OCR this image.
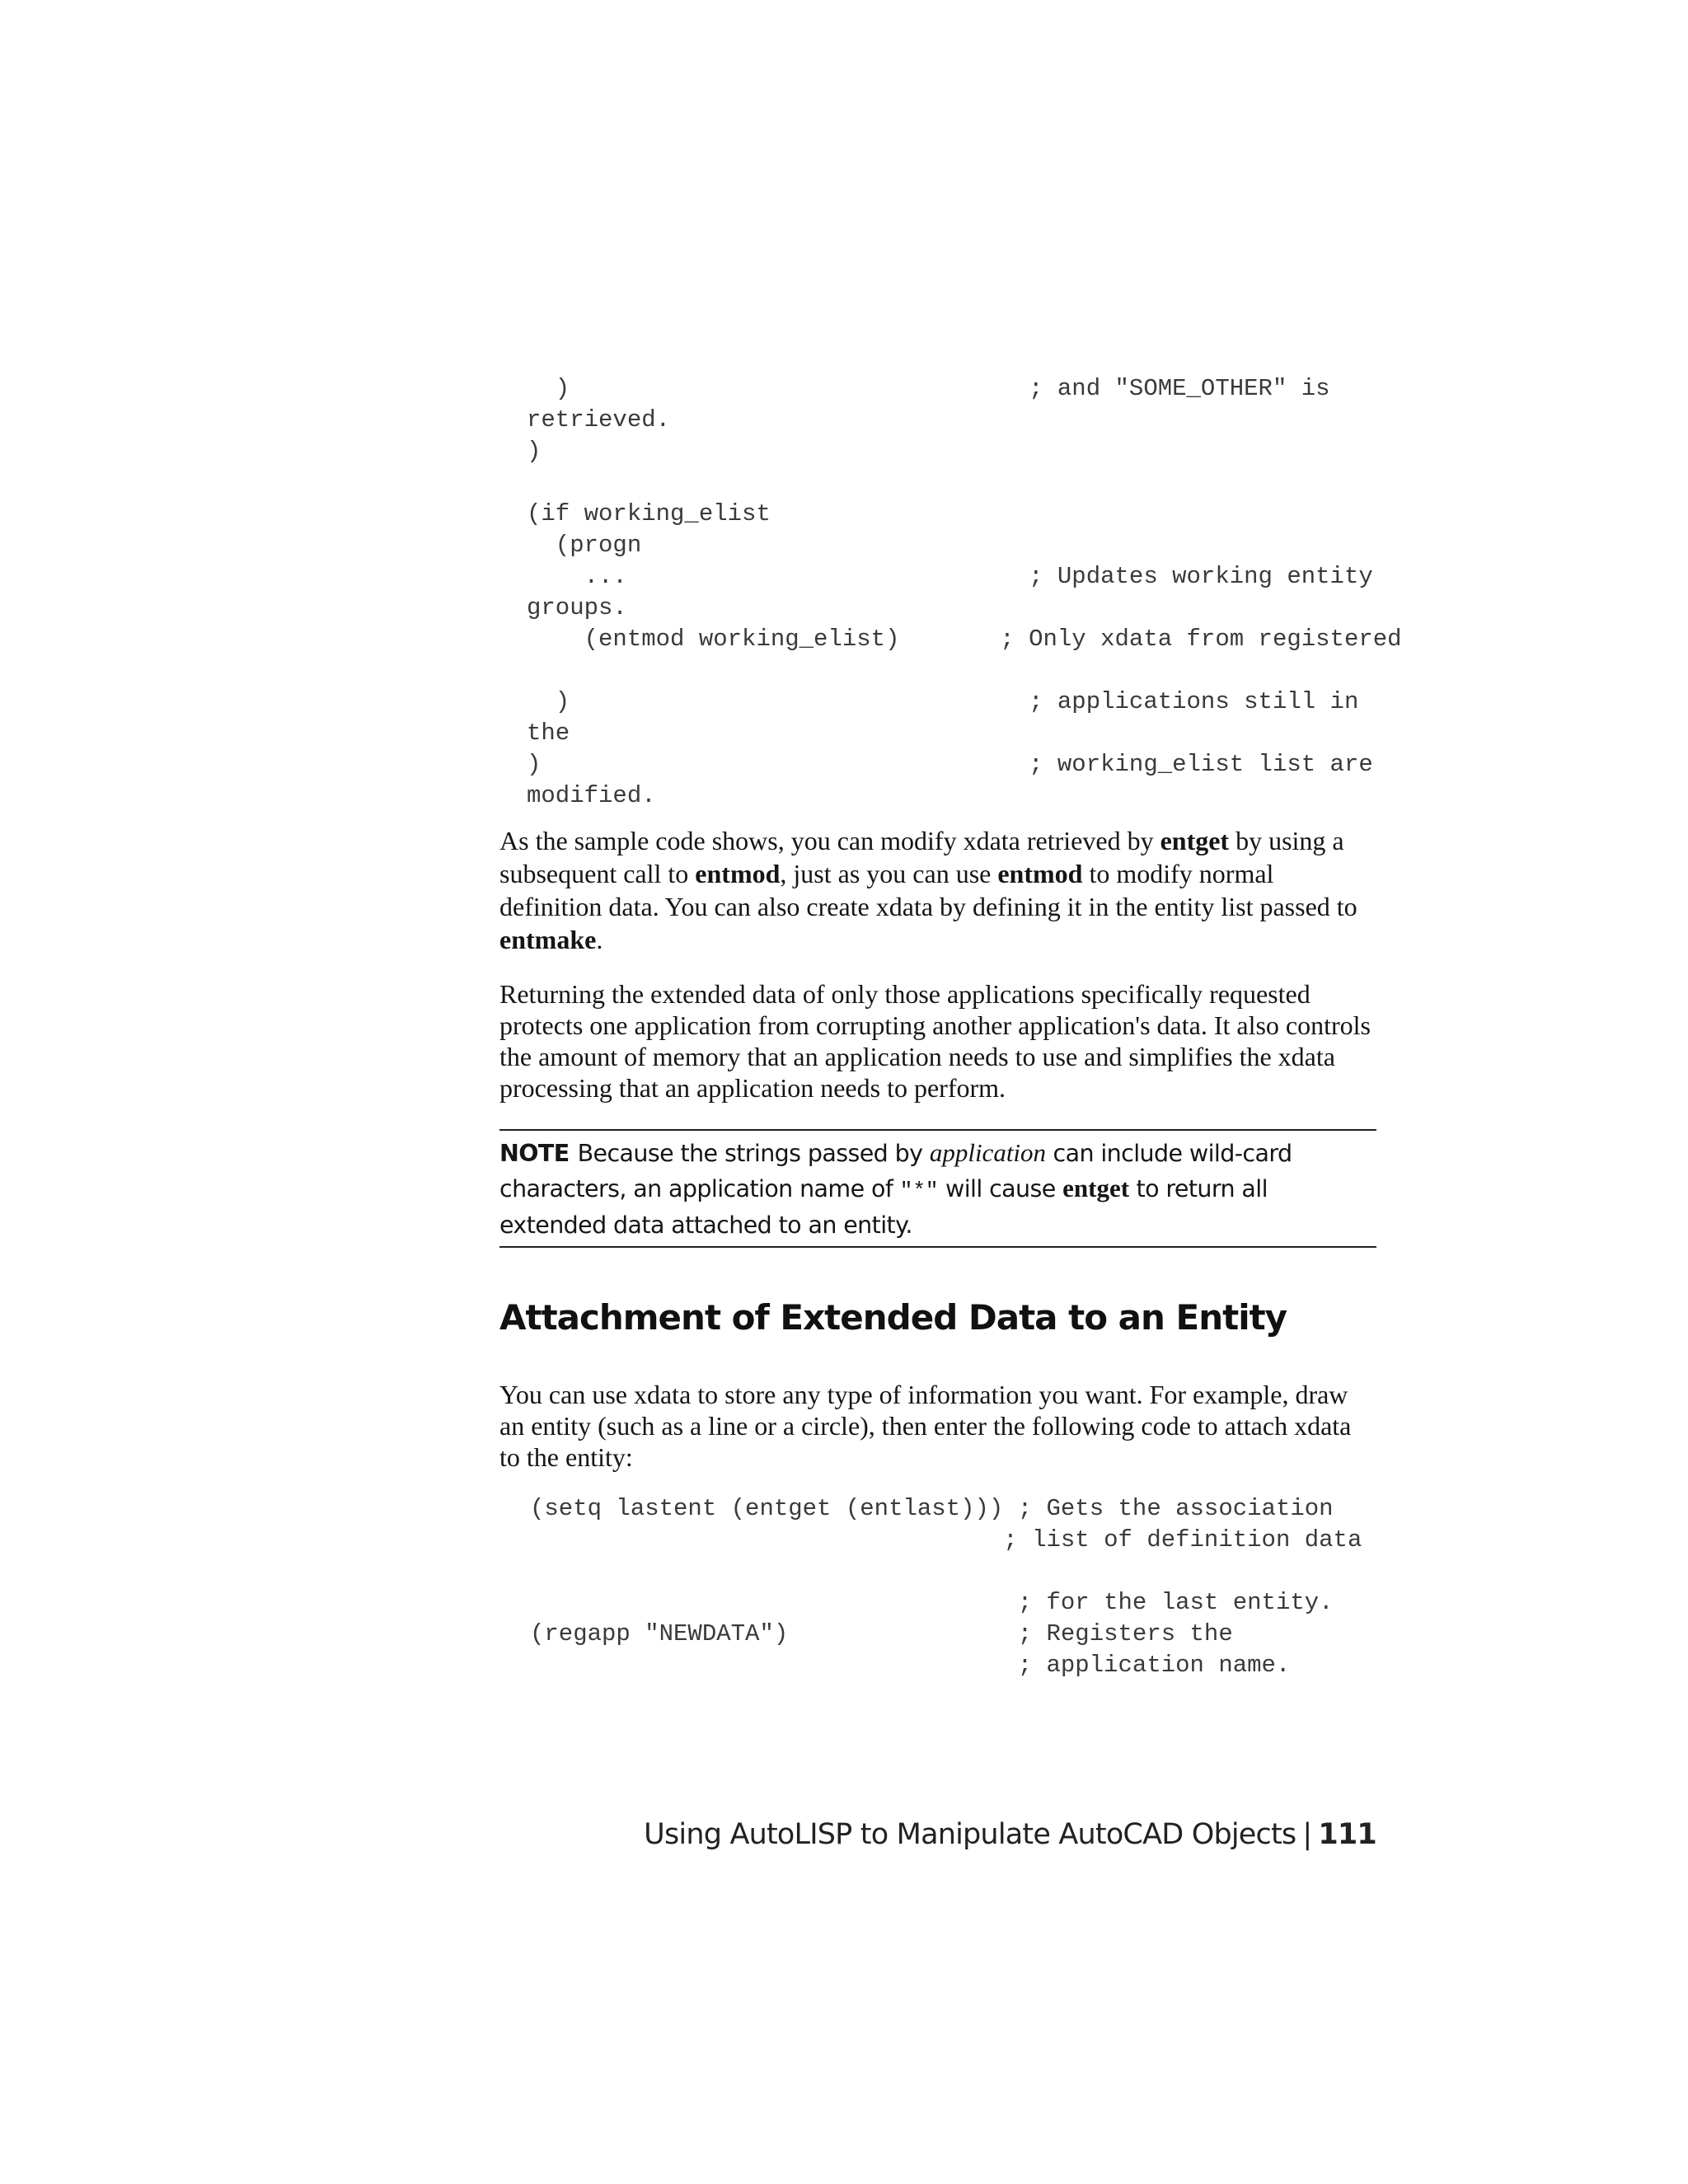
)                                ; and "SOME_OTHER" is
retrieved.
)
(if working_elist
(progn
...                            ; Updates working entity
groups.
(entmod working_elist)       ; Only xdata from registered
)                                ; applications still in
the
)                                  ; working_elist list are
modified.

As the sample code shows, you can modify xdata retrieved by entget by using a subsequent call to entmod, just as you can use entmod to modify normal definition data. You can also create xdata by defining it in the entity list passed to entmake.

Returning the extended data of only those applications specifically requested protects one application from corrupting another application's data. It also controls the amount of memory that an application needs to use and simplifies the xdata processing that an application needs to perform.

NOTE Because the strings passed by application can include wild-card characters, an application name of "*" will cause entget to return all extended data attached to an entity.

Attachment of Extended Data to an Entity

You can use xdata to store any type of information you want. For example, draw an entity (such as a line or a circle), then enter the following code to attach xdata to the entity:

(setq lastent (entget (entlast))) ; Gets the association
; list of definition data
; for the last entity.
(regapp "NEWDATA")                ; Registers the
; application name.
Using AutoLISP to Manipulate AutoCAD Objects | 111
